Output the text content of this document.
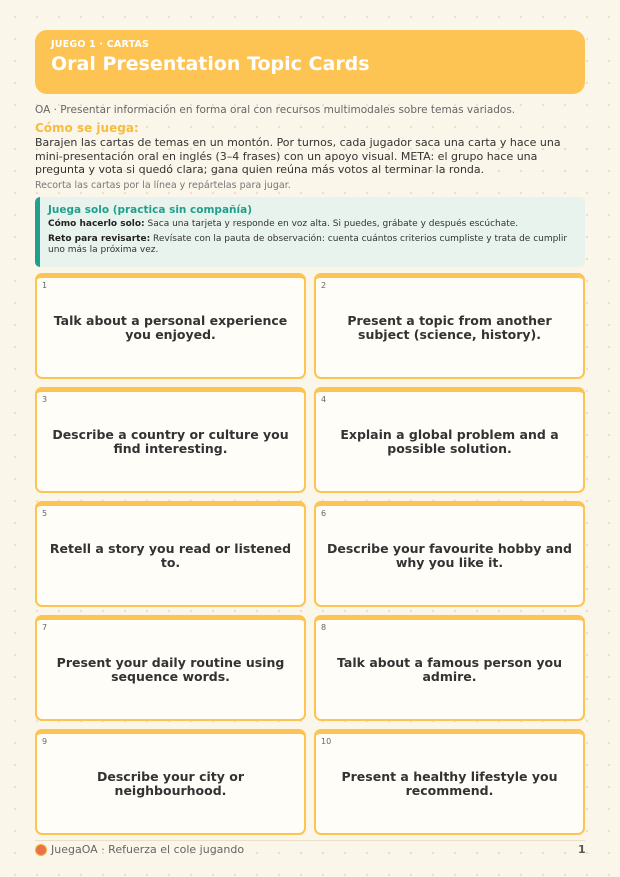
JUEGO 1 · CARTAS
Oral Presentation Topic Cards
OA · Presentar información en forma oral con recursos multimodales sobre temas variados.
Cómo se juega:
Barajen las cartas de temas en un montón. Por turnos, cada jugador saca una carta y hace una mini-presentación oral en inglés (3–4 frases) con un apoyo visual. META: el grupo hace una pregunta y vota si quedó clara; gana quien reúna más votos al terminar la ronda.
Recorta las cartas por la línea y repártelas para jugar.
Juega solo (practica sin compañía)
Cómo hacerlo solo: Saca una tarjeta y responde en voz alta. Si puedes, grábate y después escúchate.
Reto para revisarte: Revísate con la pauta de observación: cuenta cuántos criterios cumpliste y trata de cumplir uno más la próxima vez.
1
Talk about a personal experience you enjoyed.
2
Present a topic from another subject (science, history).
3
Describe a country or culture you find interesting.
4
Explain a global problem and a possible solution.
5
Retell a story you read or listened to.
6
Describe your favourite hobby and why you like it.
7
Present your daily routine using sequence words.
8
Talk about a famous person you admire.
9
Describe your city or neighbourhood.
10
Present a healthy lifestyle you recommend.
JuegaOA · Refuerza el cole jugando	1
